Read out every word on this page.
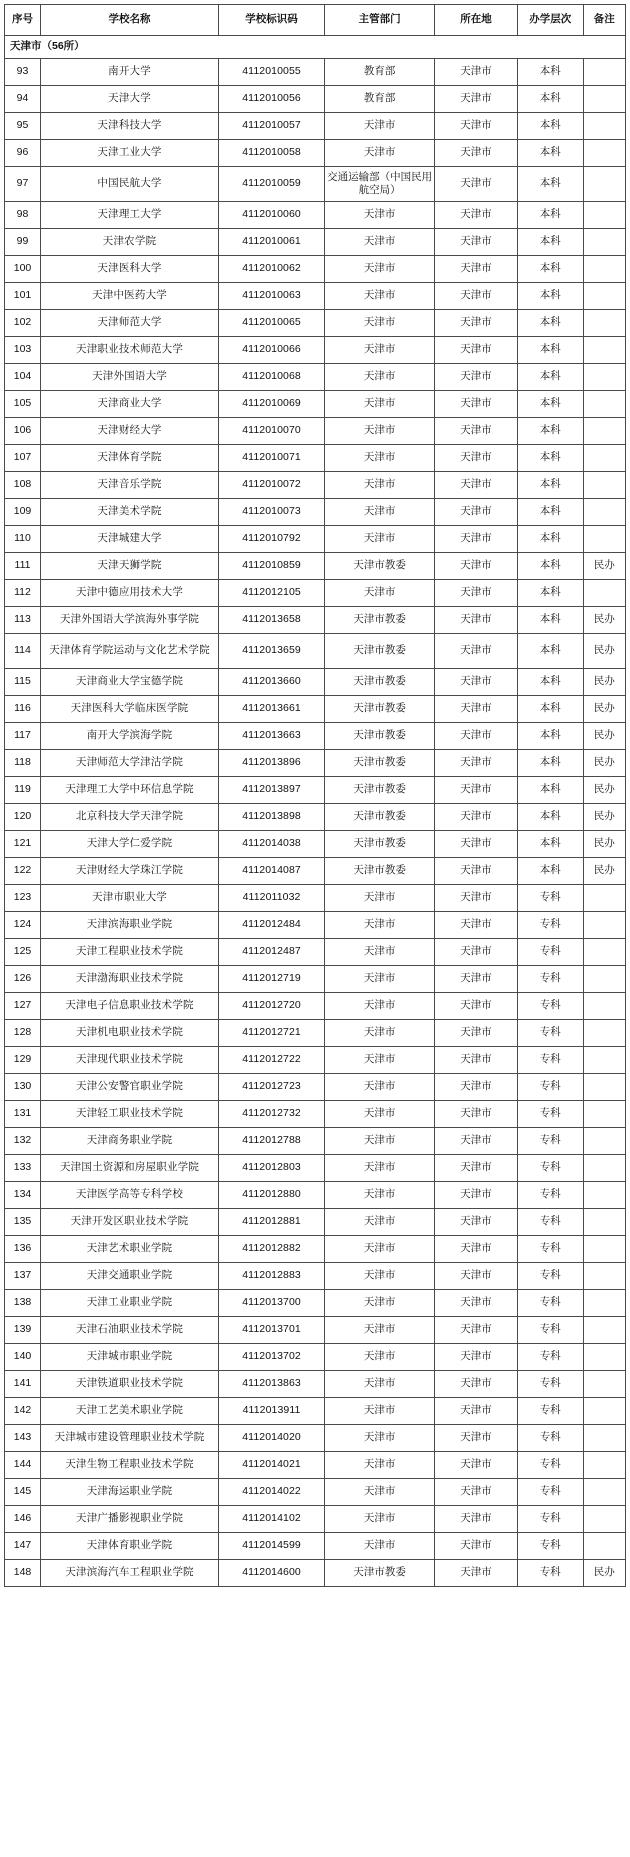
序号	学校名称	学校标识码	主管部门	所在地	办学层次	备注
天津市（56所）						
93	南开大学	4112010055	教育部	天津市	本科	
94	天津大学	4112010056	教育部	天津市	本科	
95	天津科技大学	4112010057	天津市	天津市	本科	
96	天津工业大学	4112010058	天津市	天津市	本科	
97	中国民航大学	4112010059	交通运输部（中国民用航空局）	天津市	本科	
98	天津理工大学	4112010060	天津市	天津市	本科	
99	天津农学院	4112010061	天津市	天津市	本科	
100	天津医科大学	4112010062	天津市	天津市	本科	
101	天津中医药大学	4112010063	天津市	天津市	本科	
102	天津师范大学	4112010065	天津市	天津市	本科	
103	天津职业技术师范大学	4112010066	天津市	天津市	本科	
104	天津外国语大学	4112010068	天津市	天津市	本科	
105	天津商业大学	4112010069	天津市	天津市	本科	
106	天津财经大学	4112010070	天津市	天津市	本科	
107	天津体育学院	4112010071	天津市	天津市	本科	
108	天津音乐学院	4112010072	天津市	天津市	本科	
109	天津美术学院	4112010073	天津市	天津市	本科	
110	天津城建大学	4112010792	天津市	天津市	本科	
111	天津天狮学院	4112010859	天津市教委	天津市	本科	民办
112	天津中德应用技术大学	4112012105	天津市	天津市	本科	
113	天津外国语大学滨海外事学院	4112013658	天津市教委	天津市	本科	民办
114	天津体育学院运动与文化艺术学院	4112013659	天津市教委	天津市	本科	民办
115	天津商业大学宝德学院	4112013660	天津市教委	天津市	本科	民办
116	天津医科大学临床医学院	4112013661	天津市教委	天津市	本科	民办
117	南开大学滨海学院	4112013663	天津市教委	天津市	本科	民办
118	天津师范大学津沽学院	4112013896	天津市教委	天津市	本科	民办
119	天津理工大学中环信息学院	4112013897	天津市教委	天津市	本科	民办
120	北京科技大学天津学院	4112013898	天津市教委	天津市	本科	民办
121	天津大学仁爱学院	4112014038	天津市教委	天津市	本科	民办
122	天津财经大学珠江学院	4112014087	天津市教委	天津市	本科	民办
123	天津市职业大学	4112011032	天津市	天津市	专科	
124	天津滨海职业学院	4112012484	天津市	天津市	专科	
125	天津工程职业技术学院	4112012487	天津市	天津市	专科	
126	天津渤海职业技术学院	4112012719	天津市	天津市	专科	
127	天津电子信息职业技术学院	4112012720	天津市	天津市	专科	
128	天津机电职业技术学院	4112012721	天津市	天津市	专科	
129	天津现代职业技术学院	4112012722	天津市	天津市	专科	
130	天津公安警官职业学院	4112012723	天津市	天津市	专科	
131	天津轻工职业技术学院	4112012732	天津市	天津市	专科	
132	天津商务职业学院	4112012788	天津市	天津市	专科	
133	天津国土资源和房屋职业学院	4112012803	天津市	天津市	专科	
134	天津医学高等专科学校	4112012880	天津市	天津市	专科	
135	天津开发区职业技术学院	4112012881	天津市	天津市	专科	
136	天津艺术职业学院	4112012882	天津市	天津市	专科	
137	天津交通职业学院	4112012883	天津市	天津市	专科	
138	天津工业职业学院	4112013700	天津市	天津市	专科	
139	天津石油职业技术学院	4112013701	天津市	天津市	专科	
140	天津城市职业学院	4112013702	天津市	天津市	专科	
141	天津铁道职业技术学院	4112013863	天津市	天津市	专科	
142	天津工艺美术职业学院	4112013911	天津市	天津市	专科	
143	天津城市建设管理职业技术学院	4112014020	天津市	天津市	专科	
144	天津生物工程职业技术学院	4112014021	天津市	天津市	专科	
145	天津海运职业学院	4112014022	天津市	天津市	专科	
146	天津广播影视职业学院	4112014102	天津市	天津市	专科	
147	天津体育职业学院	4112014599	天津市	天津市	专科	
148	天津滨海汽车工程职业学院	4112014600	天津市教委	天津市	专科	民办
